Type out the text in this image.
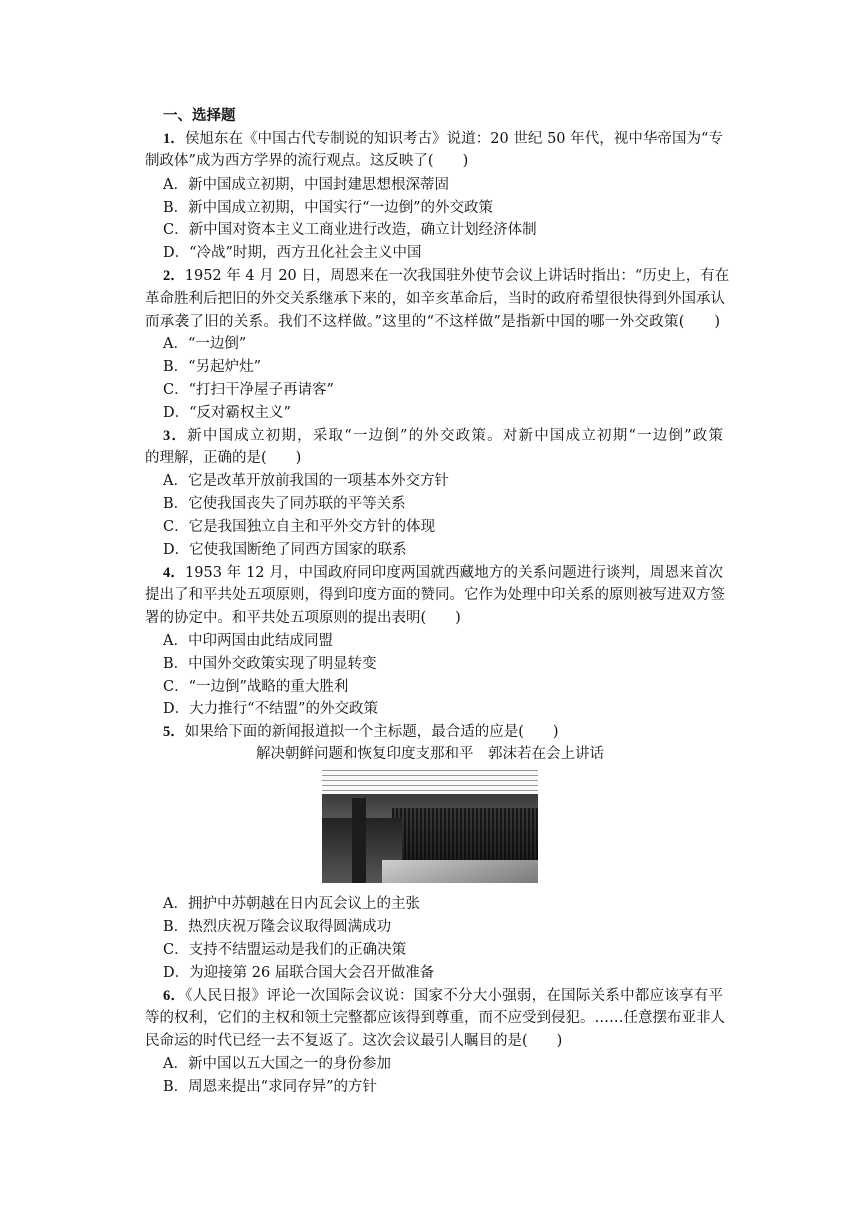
一、选择题
1．侯旭东在《中国古代专制说的知识考古》说道：20 世纪 50 年代，视中华帝国为“专
制政体”成为西方学界的流行观点。这反映了(　　)
A．新中国成立初期，中国封建思想根深蒂固
B．新中国成立初期，中国实行“一边倒”的外交政策
C．新中国对资本主义工商业进行改造，确立计划经济体制
D．“冷战”时期，西方丑化社会主义中国
2．1952 年 4 月 20 日，周恩来在一次我国驻外使节会议上讲话时指出：“历史上，有在
革命胜利后把旧的外交关系继承下来的，如辛亥革命后，当时的政府希望很快得到外国承认
而承袭了旧的关系。我们不这样做。”这里的“不这样做”是指新中国的哪一外交政策(　　)
A．“一边倒”
B．“另起炉灶”
C．“打扫干净屋子再请客”
D．“反对霸权主义”
3．新中国成立初期，采取“一边倒”的外交政策。对新中国成立初期“一边倒”政策
的理解，正确的是(　　)
A．它是改革开放前我国的一项基本外交方针
B．它使我国丧失了同苏联的平等关系
C．它是我国独立自主和平外交方针的体现
D．它使我国断绝了同西方国家的联系
4．1953 年 12 月，中国政府同印度两国就西藏地方的关系问题进行谈判，周恩来首次
提出了和平共处五项原则，得到印度方面的赞同。它作为处理中印关系的原则被写进双方签
署的协定中。和平共处五项原则的提出表明(　　)
A．中印两国由此结成同盟
B．中国外交政策实现了明显转变
C．“一边倒”战略的重大胜利
D．大力推行“不结盟”的外交政策
5．如果给下面的新闻报道拟一个主标题，最合适的应是(　　)
解决朝鲜问题和恢复印度支那和平　郭沫若在会上讲话
A．拥护中苏朝越在日内瓦会议上的主张
B．热烈庆祝万隆会议取得圆满成功
C．支持不结盟运动是我们的正确决策
D．为迎接第 26 届联合国大会召开做准备
6．《人民日报》评论一次国际会议说：国家不分大小强弱，在国际关系中都应该享有平
等的权利，它们的主权和领土完整都应该得到尊重，而不应受到侵犯。……任意摆布亚非人
民命运的时代已经一去不复返了。这次会议最引人瞩目的是(　　)
A．新中国以五大国之一的身份参加
B．周恩来提出“求同存异”的方针
